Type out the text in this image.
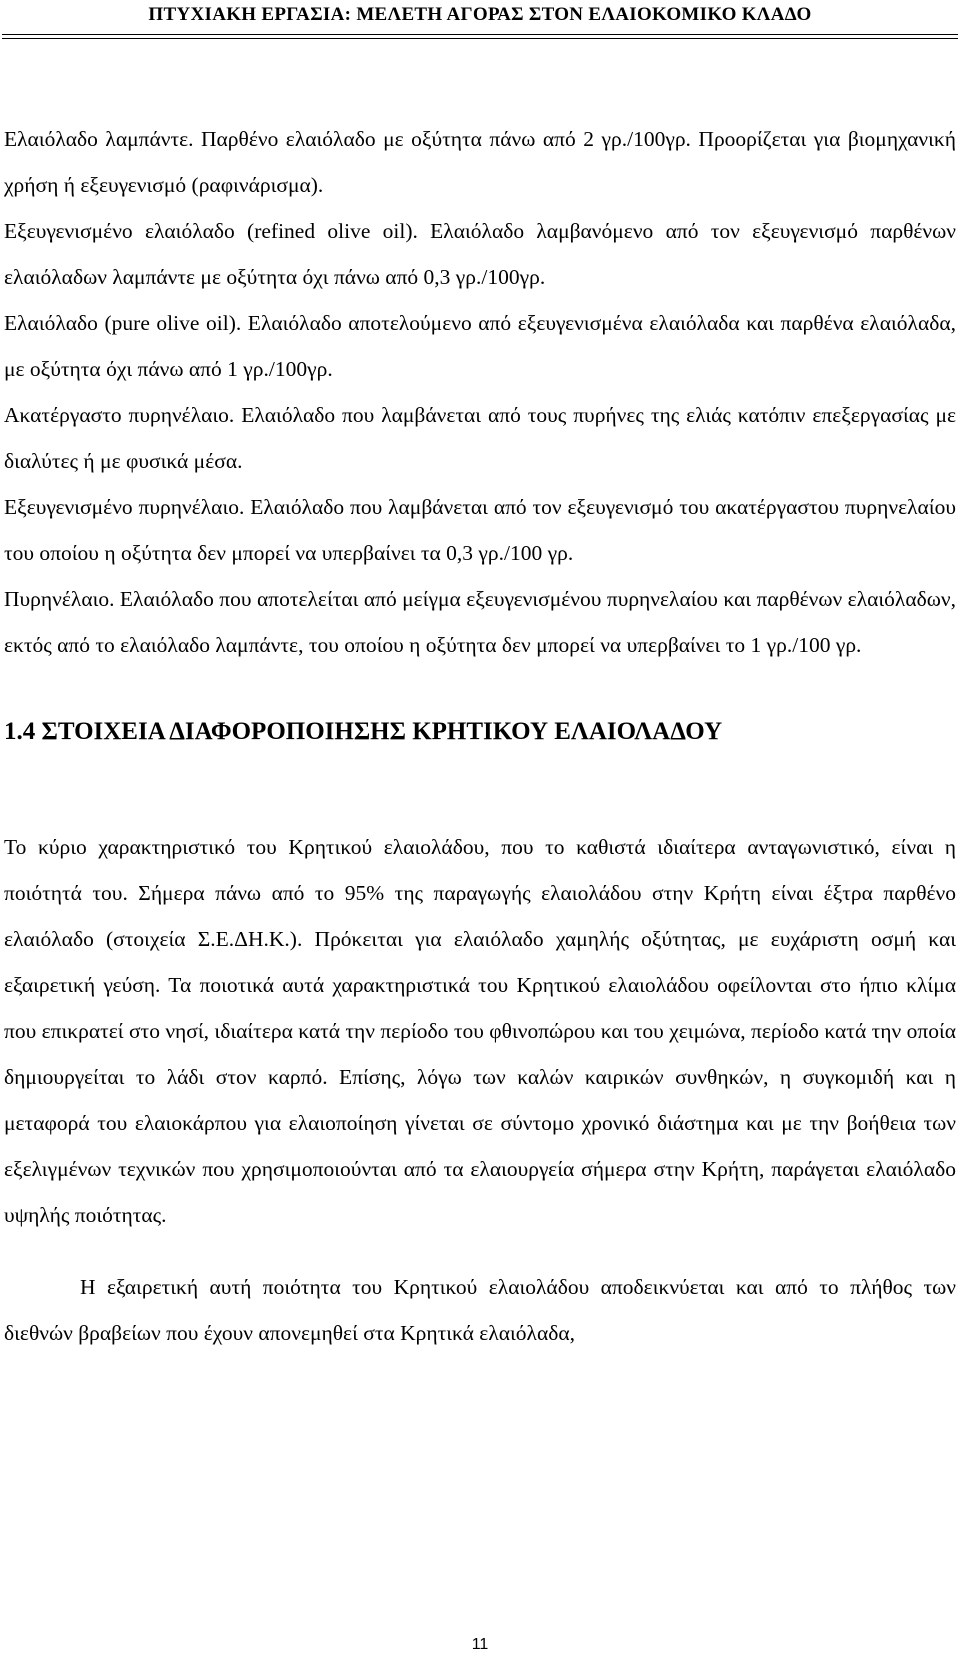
ΠΤΥΧΙΑΚΗ ΕΡΓΑΣΙΑ: ΜΕΛΕΤΗ ΑΓΟΡΑΣ ΣΤΟΝ ΕΛΑΙΟΚΟΜΙΚΟ ΚΛΑΔΟ

Ελαιόλαδο λαμπάντε. Παρθένο ελαιόλαδο με οξύτητα πάνω από 2 γρ./100γρ. Προορίζεται για βιομηχανική χρήση ή εξευγενισμό (ραφινάρισμα).

Εξευγενισμένο ελαιόλαδο (refined olive oil). Ελαιόλαδο λαμβανόμενο από τον εξευγενισμό παρθένων ελαιόλαδων λαμπάντε με οξύτητα όχι πάνω από 0,3 γρ./100γρ.

Ελαιόλαδο (pure olive oil). Ελαιόλαδο αποτελούμενο από εξευγενισμένα ελαιόλαδα και παρθένα ελαιόλαδα, με οξύτητα όχι πάνω από 1 γρ./100γρ.

Ακατέργαστο πυρηνέλαιο. Ελαιόλαδο που λαμβάνεται από τους πυρήνες της ελιάς κατόπιν επεξεργασίας με διαλύτες ή με φυσικά μέσα.

Εξευγενισμένο πυρηνέλαιο. Ελαιόλαδο που λαμβάνεται από τον εξευγενισμό του ακατέργαστου πυρηνελαίου του οποίου η οξύτητα δεν μπορεί να υπερβαίνει τα 0,3 γρ./100 γρ.

Πυρηνέλαιο. Ελαιόλαδο που αποτελείται από μείγμα εξευγενισμένου πυρηνελαίου και παρθένων ελαιόλαδων, εκτός από το ελαιόλαδο λαμπάντε, του οποίου η οξύτητα δεν μπορεί να υπερβαίνει το 1 γρ./100 γρ.

1.4 ΣΤΟΙΧΕΙΑ ΔΙΑΦΟΡΟΠΟΙΗΣΗΣ ΚΡΗΤΙΚΟΥ ΕΛΑΙΟΛΑΔΟΥ

Το κύριο χαρακτηριστικό του Κρητικού ελαιολάδου, που το καθιστά ιδιαίτερα ανταγωνιστικό, είναι η ποιότητά του. Σήμερα πάνω από το 95% της παραγωγής ελαιολάδου στην Κρήτη είναι έξτρα παρθένο ελαιόλαδο (στοιχεία Σ.Ε.ΔΗ.Κ.). Πρόκειται για ελαιόλαδο χαμηλής οξύτητας, με ευχάριστη οσμή και εξαιρετική γεύση. Τα ποιοτικά αυτά χαρακτηριστικά του Κρητικού ελαιολάδου οφείλονται στο ήπιο κλίμα που επικρατεί στο νησί, ιδιαίτερα κατά την περίοδο του φθινοπώρου και του χειμώνα, περίοδο κατά την οποία δημιουργείται το λάδι στον καρπό. Επίσης, λόγω των καλών καιρικών συνθηκών, η συγκομιδή και η μεταφορά του ελαιοκάρπου για ελαιοποίηση γίνεται σε σύντομο χρονικό διάστημα και με την βοήθεια των εξελιγμένων τεχνικών που χρησιμοποιούνται από τα ελαιουργεία σήμερα στην Κρήτη, παράγεται ελαιόλαδο υψηλής ποιότητας.

Η εξαιρετική αυτή ποιότητα του Κρητικού ελαιολάδου αποδεικνύεται και από το πλήθος των διεθνών βραβείων που έχουν απονεμηθεί στα Κρητικά ελαιόλαδα,

11
